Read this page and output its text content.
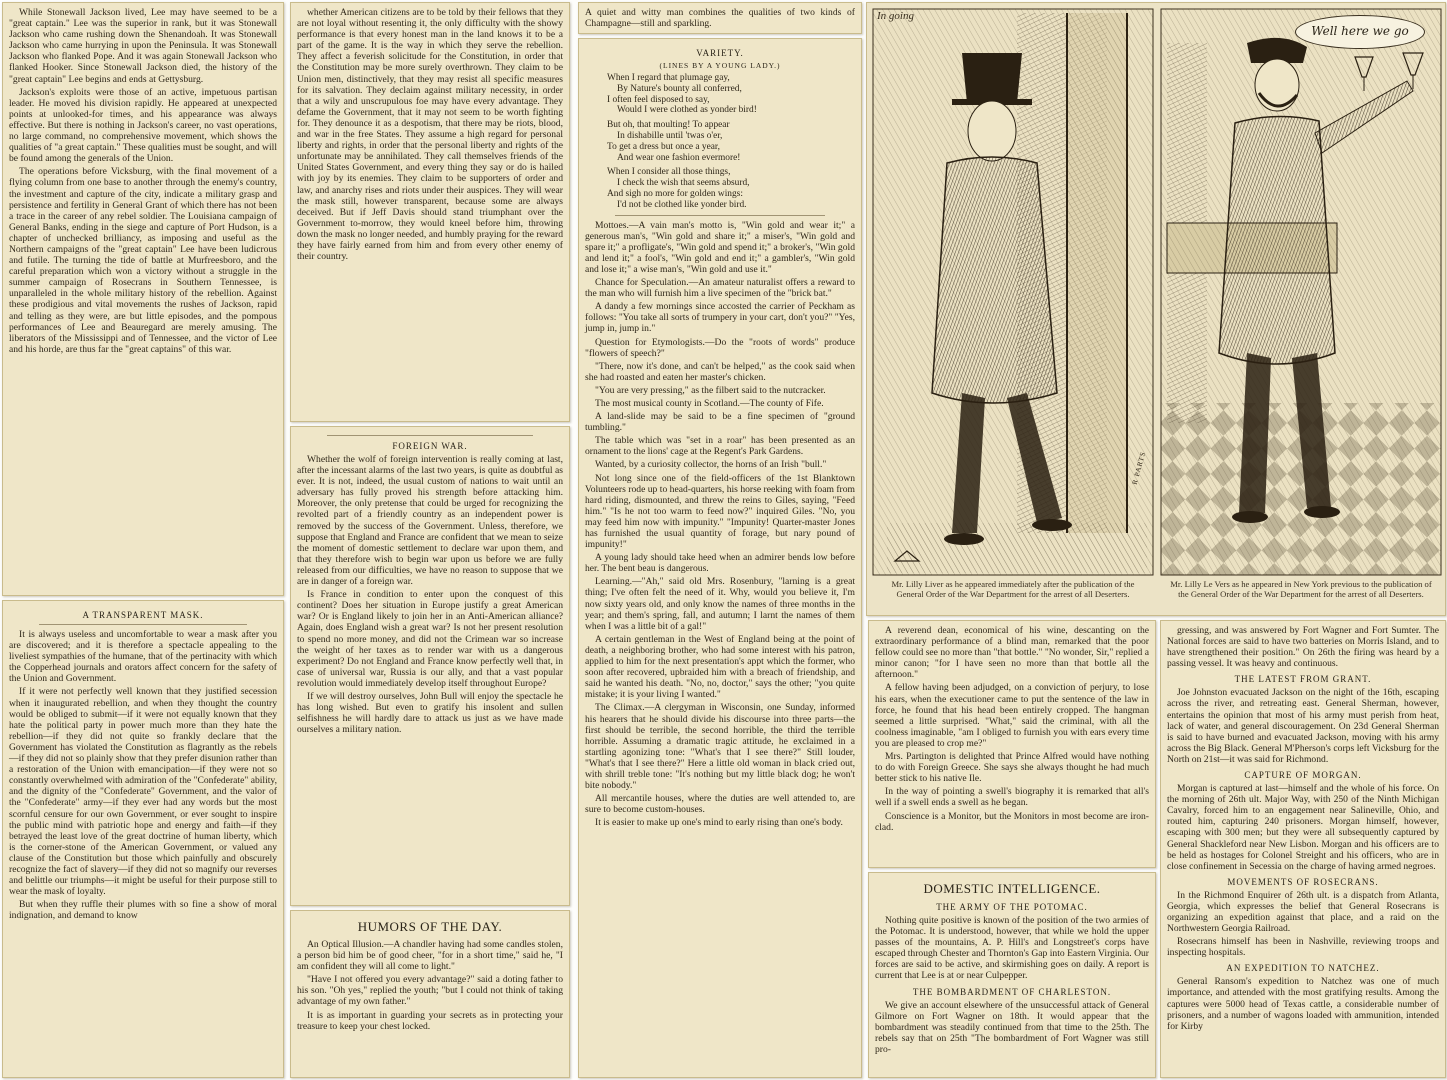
While Stonewall Jackson lived, Lee may have seemed to be a "great captain." Lee was the superior in rank, but it was Stonewall Jackson who came rushing down the Shenandoah. It was Stonewall Jackson who came hurrying in upon the Peninsula. It was Stonewall Jackson who flanked Pope. And it was again Stonewall Jackson who flanked Hooker. Since Stonewall Jackson died, the history of the "great captain" Lee begins and ends at Gettysburg.

Jackson's exploits were those of an active, impetuous partisan leader. He moved his division rapidly. He appeared at unexpected points at unlooked-for times, and his appearance was always effective. But there is nothing in Jackson's career, no vast operations, no large command, no comprehensive movement, which shows the qualities of "a great captain." These qualities must be sought, and will be found among the generals of the Union.

The operations before Vicksburg, with the final movement of a flying column from one base to another through the enemy's country, the investment and capture of the city, indicate a military grasp and persistence and fertility in General Grant of which there has not been a trace in the career of any rebel soldier. The Louisiana campaign of General Banks, ending in the siege and capture of Port Hudson, is a chapter of unchecked brilliancy, as imposing and useful as the Northern campaigns of the "great captain" Lee have been ludicrous and futile. The turning the tide of battle at Murfreesboro, and the careful preparation which won a victory without a struggle in the summer campaign of Rosecrans in Southern Tennessee, is unparalleled in the whole military history of the rebellion. Against these prodigious and vital movements the rushes of Jackson, rapid and telling as they were, are but little episodes, and the pompous performances of Lee and Beauregard are merely amusing. The liberators of the Mississippi and of Tennessee, and the victor of Lee and his horde, are thus far the "great captains" of this war.

A TRANSPARENT MASK.

It is always useless and uncomfortable to wear a mask after you are discovered; and it is therefore a spectacle appealing to the liveliest sympathies of the humane, that of the pertinacity with which the Copperhead journals and orators affect concern for the safety of the Union and Government.

If it were not perfectly well known that they justified secession when it inaugurated rebellion, and when they thought the country would be obliged to submit—if it were not equally known that they hate the political party in power much more than they hate the rebellion—if they did not quite so frankly declare that the Government has violated the Constitution as flagrantly as the rebels—if they did not so plainly show that they prefer disunion rather than a restoration of the Union with emancipation—if they were not so constantly overwhelmed with admiration of the "Confederate" ability, and the dignity of the "Confederate" Government, and the valor of the "Confederate" army—if they ever had any words but the most scornful censure for our own Government, or ever sought to inspire the public mind with patriotic hope and energy and faith—if they betrayed the least love of the great doctrine of human liberty, which is the corner-stone of the American Government, or valued any clause of the Constitution but those which painfully and obscurely recognize the fact of slavery—if they did not so magnify our reverses and belittle our triumphs—it might be useful for their purpose still to wear the mask of loyalty.

But when they ruffle their plumes with so fine a show of moral indignation, and demand to know

whether American citizens are to be told by their fellows that they are not loyal without resenting it, the only difficulty with the showy performance is that every honest man in the land knows it to be a part of the game. It is the way in which they serve the rebellion. They affect a feverish solicitude for the Constitution, in order that the Constitution may be more surely overthrown. They claim to be Union men, distinctively, that they may resist all specific measures for its salvation. They declaim against military necessity, in order that a wily and unscrupulous foe may have every advantage. They defame the Government, that it may not seem to be worth fighting for. They denounce it as a despotism, that there may be riots, blood, and war in the free States. They assume a high regard for personal liberty and rights, in order that the personal liberty and rights of the unfortunate may be annihilated. They call themselves friends of the United States Government, and every thing they say or do is hailed with joy by its enemies. They claim to be supporters of order and law, and anarchy rises and riots under their auspices. They will wear the mask still, however transparent, because some are always deceived. But if Jeff Davis should stand triumphant over the Government to-morrow, they would kneel before him, throwing down the mask no longer needed, and humbly praying for the reward they have fairly earned from him and from every other enemy of their country.

FOREIGN WAR.

Whether the wolf of foreign intervention is really coming at last, after the incessant alarms of the last two years, is quite as doubtful as ever. It is not, indeed, the usual custom of nations to wait until an adversary has fully proved his strength before attacking him. Moreover, the only pretense that could be urged for recognizing the revolted part of a friendly country as an independent power is removed by the success of the Government. Unless, therefore, we suppose that England and France are confident that we mean to seize the moment of domestic settlement to declare war upon them, and that they therefore wish to begin war upon us before we are fully released from our difficulties, we have no reason to suppose that we are in danger of a foreign war.

Is France in condition to enter upon the conquest of this continent? Does her situation in Europe justify a great American war? Or is England likely to join her in an Anti-American alliance? Again, does England wish a great war? Is not her present resolution to spend no more money, and did not the Crimean war so increase the weight of her taxes as to render war with us a dangerous experiment? Do not England and France know perfectly well that, in case of universal war, Russia is our ally, and that a vast popular revolution would immediately develop itself throughout Europe?

If we will destroy ourselves, John Bull will enjoy the spectacle he has long wished. But even to gratify his insolent and sullen selfishness he will hardly dare to attack us just as we have made ourselves a military nation.

HUMORS OF THE DAY.

An Optical Illusion.—A chandler having had some candles stolen, a person bid him be of good cheer, "for in a short time," said he, "I am confident they will all come to light."

"Have I not offered you every advantage?" said a doting father to his son. "Oh yes," replied the youth; "but I could not think of taking advantage of my own father."

It is as important in guarding your secrets as in protecting your treasure to keep your chest locked.

A quiet and witty man combines the qualities of two kinds of Champagne—still and sparkling.
VARIETY.
(LINES BY A YOUNG LADY.)

When I regard that plumage gay,

By Nature's bounty all conferred,

I often feel disposed to say,

Would I were clothed as yonder bird!

But oh, that moulting! To appear

In dishabille until 'twas o'er,

To get a dress but once a year,

And wear one fashion evermore!

When I consider all those things,

I check the wish that seems absurd,

And sigh no more for golden wings:

I'd not be clothed like yonder bird.

Mottoes.—A vain man's motto is, "Win gold and wear it;" a generous man's, "Win gold and share it;" a miser's, "Win gold and spare it;" a profligate's, "Win gold and spend it;" a broker's, "Win gold and lend it;" a fool's, "Win gold and end it;" a gambler's, "Win gold and lose it;" a wise man's, "Win gold and use it."

Chance for Speculation.—An amateur naturalist offers a reward to the man who will furnish him a live specimen of the "brick bat."

A dandy a few mornings since accosted the carrier of Peckham as follows: "You take all sorts of trumpery in your cart, don't you?" "Yes, jump in, jump in."

Question for Etymologists.—Do the "roots of words" produce "flowers of speech?"

"There, now it's done, and can't be helped," as the cook said when she had roasted and eaten her master's chicken.

"You are very pressing," as the filbert said to the nutcracker.

The most musical county in Scotland.—The county of Fife.

A land-slide may be said to be a fine specimen of "ground tumbling."

The table which was "set in a roar" has been presented as an ornament to the lions' cage at the Regent's Park Gardens.

Wanted, by a curiosity collector, the horns of an Irish "bull."

Not long since one of the field-officers of the 1st Blanktown Volunteers rode up to head-quarters, his horse reeking with foam from hard riding, dismounted, and threw the reins to Giles, saying, "Feed him." "Is he not too warm to feed now?" inquired Giles. "No, you may feed him now with impunity." "Impunity! Quarter-master Jones has furnished the usual quantity of forage, but nary pound of impunity!"

A young lady should take heed when an admirer bends low before her. The bent beau is dangerous.

Learning.—"Ah," said old Mrs. Rosenbury, "larning is a great thing; I've often felt the need of it. Why, would you believe it, I'm now sixty years old, and only know the names of three months in the year; and them's spring, fall, and autumn; I larnt the names of them when I was a little bit of a gal!"

A certain gentleman in the West of England being at the point of death, a neighboring brother, who had some interest with his patron, applied to him for the next presentation's appt which the former, who soon after recovered, upbraided him with a breach of friendship, and said he wanted his death. "No, no, doctor," says the other; "you quite mistake; it is your living I wanted."

The Climax.—A clergyman in Wisconsin, one Sunday, informed his hearers that he should divide his discourse into three parts—the first should be terrible, the second horrible, the third the terrible horrible. Assuming a dramatic tragic attitude, he exclaimed in a startling agonizing tone: "What's that I see there?" Still louder, "What's that I see there?" Here a little old woman in black cried out, with shrill treble tone: "It's nothing but my little black dog; he won't bite nobody."

All mercantile houses, where the duties are well attended to, are sure to become custom-houses.

It is easier to make up one's mind to early rising than one's body.

In going
Well here we go
R PARTS
Mr. Lilly Liver as he appeared immediately after the publication of the General Order of the War Department for the arrest of all Deserters.
Mr. Lilly Le Vers as he appeared in New York previous to the publication of the General Order of the War Department for the arrest of all Deserters.

A reverend dean, economical of his wine, descanting on the extraordinary performance of a blind man, remarked that the poor fellow could see no more than "that bottle." "No wonder, Sir," replied a minor canon; "for I have seen no more than that bottle all the afternoon."

A fellow having been adjudged, on a conviction of perjury, to lose his ears, when the executioner came to put the sentence of the law in force, he found that his head been entirely cropped. The hangman seemed a little surprised. "What," said the criminal, with all the coolness imaginable, "am I obliged to furnish you with ears every time you are pleased to crop me?"

Mrs. Partington is delighted that Prince Alfred would have nothing to do with Foreign Greece. She says she always thought he had much better stick to his native Ile.

In the way of pointing a swell's biography it is remarked that all's well if a swell ends a swell as he began.

Conscience is a Monitor, but the Monitors in most become are iron-clad.

DOMESTIC INTELLIGENCE.
THE ARMY OF THE POTOMAC.

Nothing quite positive is known of the position of the two armies of the Potomac. It is understood, however, that while we hold the upper passes of the mountains, A. P. Hill's and Longstreet's corps have escaped through Chester and Thornton's Gap into Eastern Virginia. Our forces are said to be active, and skirmishing goes on daily. A report is current that Lee is at or near Culpepper.

THE BOMBARDMENT OF CHARLESTON.

We give an account elsewhere of the unsuccessful attack of General Gilmore on Fort Wagner on 18th. It would appear that the bombardment was steadily continued from that time to the 25th. The rebels say that on 25th "The bombardment of Fort Wagner was still pro-

gressing, and was answered by Fort Wagner and Fort Sumter. The National forces are said to have two batteries on Morris Island, and to have strengthened their position." On 26th the firing was heard by a passing vessel. It was heavy and continuous.

THE LATEST FROM GRANT.

Joe Johnston evacuated Jackson on the night of the 16th, escaping across the river, and retreating east. General Sherman, however, entertains the opinion that most of his army must perish from heat, lack of water, and general discouragement. On 23d General Sherman is said to have burned and evacuated Jackson, moving with his army across the Big Black. General M'Pherson's corps left Vicksburg for the North on 21st—it was said for Richmond.

CAPTURE OF MORGAN.

Morgan is captured at last—himself and the whole of his force. On the morning of 26th ult. Major Way, with 250 of the Ninth Michigan Cavalry, forced him to an engagement near Salineville, Ohio, and routed him, capturing 240 prisoners. Morgan himself, however, escaping with 300 men; but they were all subsequently captured by General Shackleford near New Lisbon. Morgan and his officers are to be held as hostages for Colonel Streight and his officers, who are in close confinement in Secessia on the charge of having armed negroes.

MOVEMENTS OF ROSECRANS.

In the Richmond Enquirer of 26th ult. is a dispatch from Atlanta, Georgia, which expresses the belief that General Rosecrans is organizing an expedition against that place, and a raid on the Northwestern Georgia Railroad.

Rosecrans himself has been in Nashville, reviewing troops and inspecting hospitals.

AN EXPEDITION TO NATCHEZ.

General Ransom's expedition to Natchez was one of much importance, and attended with the most gratifying results. Among the captures were 5000 head of Texas cattle, a considerable number of prisoners, and a number of wagons loaded with ammunition, intended for Kirby
